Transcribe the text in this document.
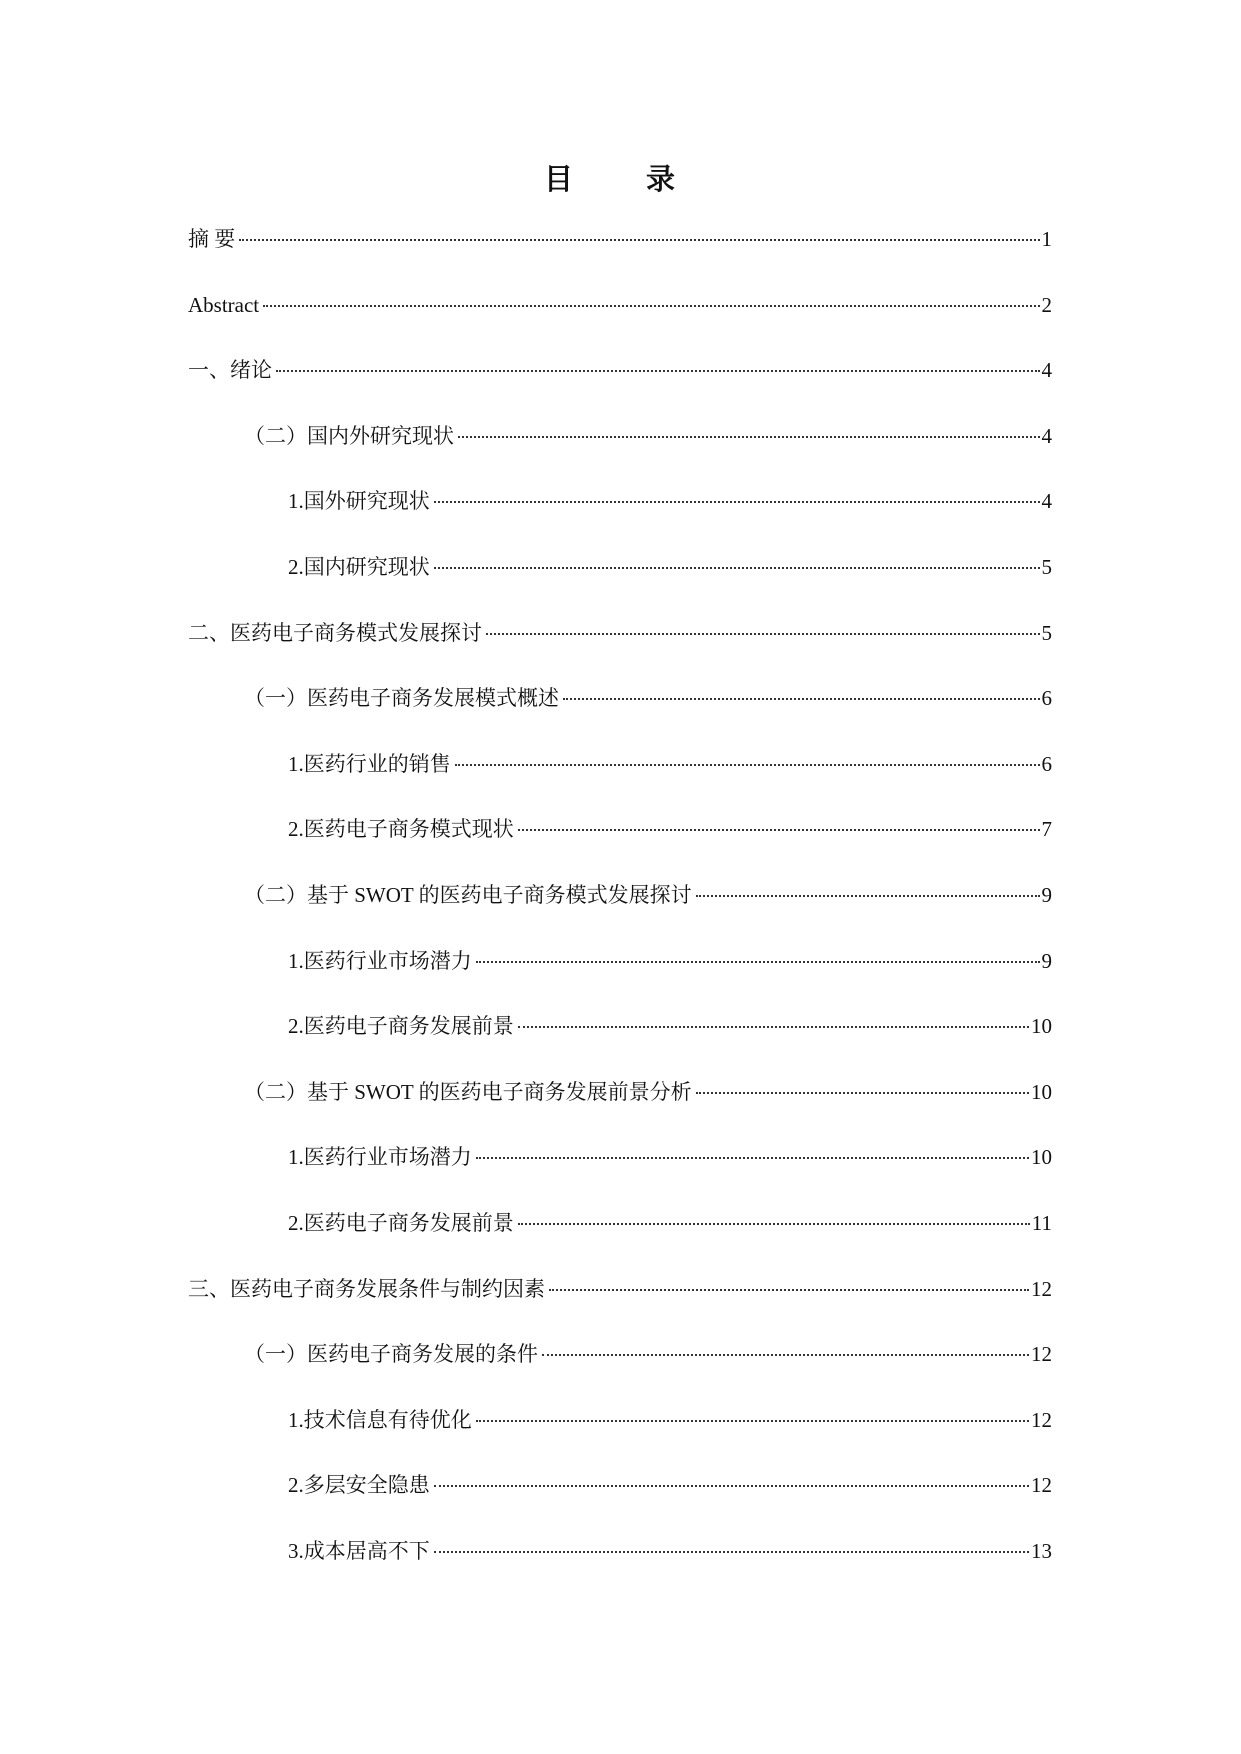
目　录
摘 要	1
Abstract	2
一、绪论	4
（二）国内外研究现状	4
1.国外研究现状	4
2.国内研究现状	5
二、医药电子商务模式发展探讨	5
（一）医药电子商务发展模式概述	6
1.医药行业的销售	6
2.医药电子商务模式现状	7
（二）基于 SWOT 的医药电子商务模式发展探讨	9
1.医药行业市场潜力	9
2.医药电子商务发展前景	10
（二）基于 SWOT 的医药电子商务发展前景分析	10
1.医药行业市场潜力	10
2.医药电子商务发展前景	11
三、医药电子商务发展条件与制约因素	12
（一）医药电子商务发展的条件	12
1.技术信息有待优化	12
2.多层安全隐患	12
3.成本居高不下	13
